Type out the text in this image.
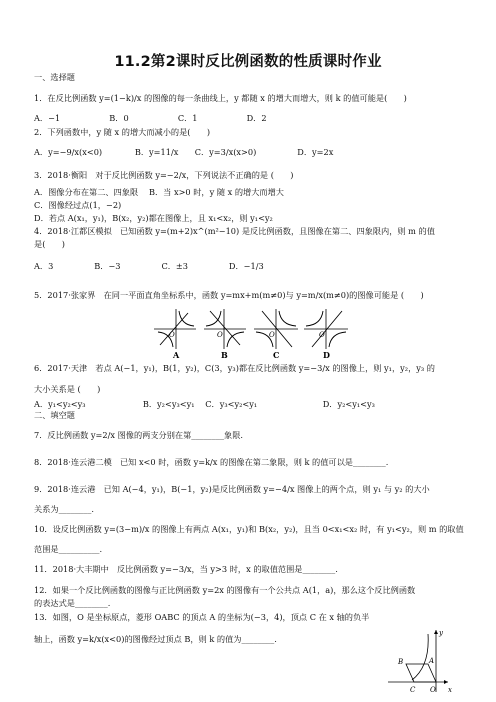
11.2第2课时反比例函数的性质课时作业
一、选择题
1．在反比例函数 y=(1−k)/x 的图像的每一条曲线上，y 都随 x 的增大而增大，则 k 的值可能是(　　)
A．−1　　　　　　B．0　　　　　　C．1　　　　　　D．2
2．下列函数中，y 随 x 的增大而减小的是(　　)
A．y=−9/x(x<0)　　　　B．y=11/x　　C．y=3/x(x>0)　　　　　D．y=2x
3．2018·衡阳　对于反比例函数 y=−2/x，下列说法不正确的是 (　　)
A．图像分布在第二、四象限　 B．当 x>0 时，y 随 x 的增大而增大
C．图像经过点(1，−2)
D．若点 A(x₁，y₁)，B(x₂，y₂)都在图像上，且 x₁<x₂，则 y₁<y₂
4．2018·江都区模拟　已知函数 y=(m+2)x^(m²−10) 是反比例函数，且图像在第二、四象限内，则 m 的值
是(　　)
A．3　　　　　B．−3　　　　　C．±3　　　　　D．−1/3
5．2017·张家界　在同一平面直角坐标系中，函数 y=mx+m(m≠0)与 y=m/x(m≠0)的图像可能是 (　　)
6．2017·天津　若点 A(−1，y₁)，B(1，y₂)，C(3，y₃)都在反比例函数 y=−3/x 的图像上，则 y₁，y₂，y₃ 的
大小关系是 (　　)
A．y₁<y₂<y₃　　　　　　　B．y₂<y₃<y₁　 C．y₃<y₂<y₁　　　　　　　　D．y₂<y₁<y₃
二、填空题
7．反比例函数 y=2/x 图像的两支分别在第________象限.
8．2018·连云港二模　已知 x<0 时，函数 y=k/x 的图像在第二象限，则 k 的值可以是________.
9．2018·连云港　已知 A(−4，y₁)，B(−1，y₂)是反比例函数 y=−4/x 图像上的两个点，则 y₁ 与 y₂ 的大小
关系为________.
10．设反比例函数 y=(3−m)/x 的图像上有两点 A(x₁，y₁)和 B(x₂，y₂)，且当 0<x₁<x₂ 时，有 y₁<y₂，则 m 的取值
范围是__________.
11．2018·大丰期中　反比例函数 y=−3/x，当 y>3 时，x 的取值范围是________.
12．如果一个反比例函数的图像与正比例函数 y=2x 的图像有一个公共点 A(1，a)，那么这个反比例函数
的表达式是________.
13．如图，O 是坐标原点，菱形 OABC 的顶点 A 的坐标为(−3，4)，顶点 C 在 x 轴的负半
轴上，函数 y=k/x(x<0)的图像经过顶点 B，则 k 的值为________.
O
A
O
B
O
C
O
D
y
x
A
B
C O
